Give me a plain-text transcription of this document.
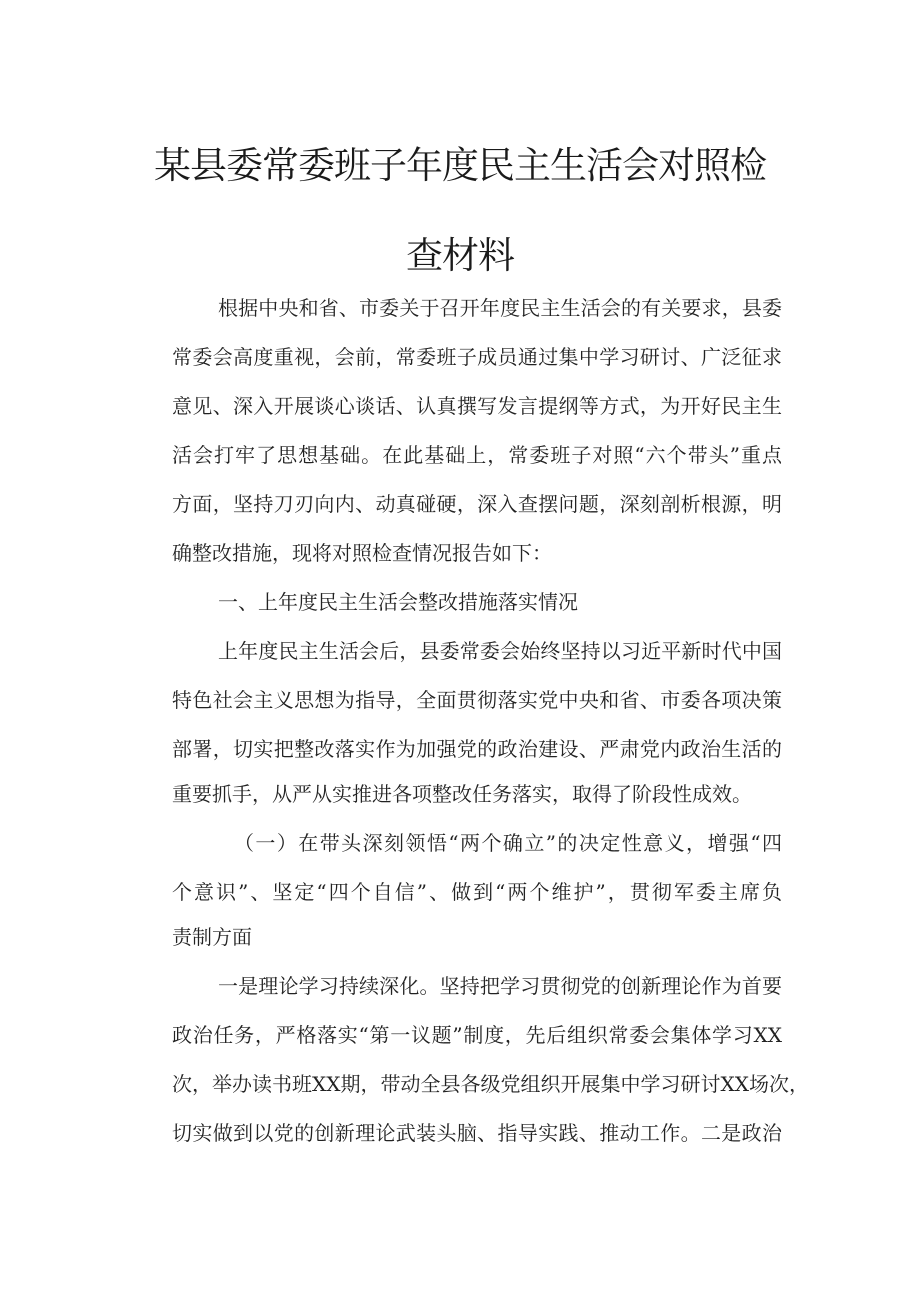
某县委常委班子年度民主生活会对照检
查材料

根据中央和省、市委关于召开年度民主生活会的有关要求，县委

常委会高度重视，会前，常委班子成员通过集中学习研讨、广泛征求

意见、深入开展谈心谈话、认真撰写发言提纲等方式，为开好民主生

活会打牢了思想基础。在此基础上，常委班子对照“六个带头”重点

方面，坚持刀刃向内、动真碰硬，深入查摆问题，深刻剖析根源，明

确整改措施，现将对照检查情况报告如下：

一、上年度民主生活会整改措施落实情况

上年度民主生活会后，县委常委会始终坚持以习近平新时代中国

特色社会主义思想为指导，全面贯彻落实党中央和省、市委各项决策

部署，切实把整改落实作为加强党的政治建设、严肃党内政治生活的

重要抓手，从严从实推进各项整改任务落实，取得了阶段性成效。

（一）在带头深刻领悟“两个确立”的决定性意义，增强“四

个意识”、坚定“四个自信”、做到“两个维护”，贯彻军委主席负

责制方面

一是理论学习持续深化。坚持把学习贯彻党的创新理论作为首要

政治任务，严格落实“第一议题”制度，先后组织常委会集体学习XX

次，举办读书班XX期，带动全县各级党组织开展集中学习研讨XX场次，

切实做到以党的创新理论武装头脑、指导实践、推动工作。二是政治
